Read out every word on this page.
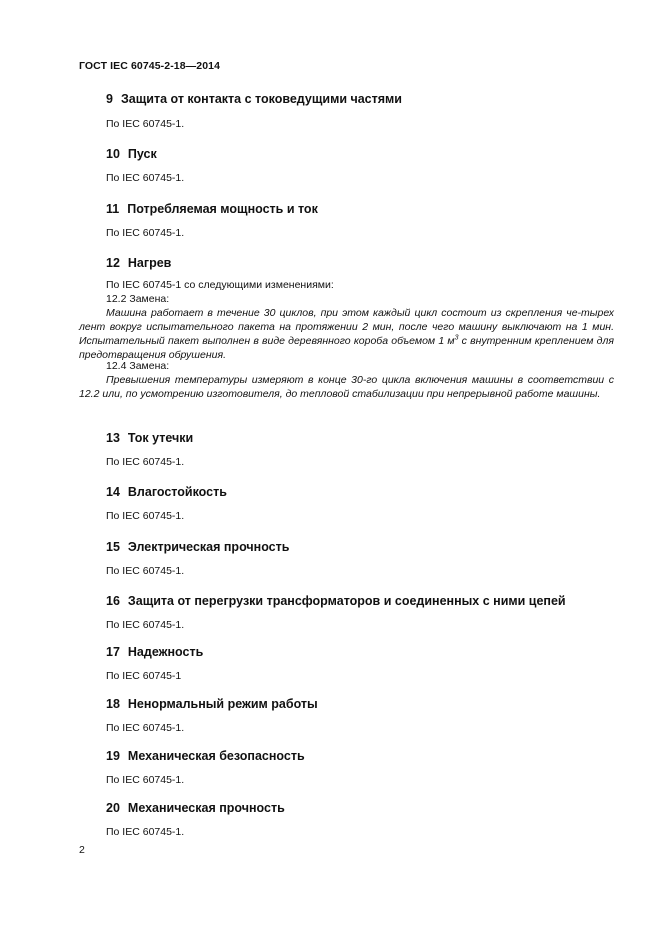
ГОСТ IEC 60745-2-18—2014
9 Защита от контакта с токоведущими частями
По IEC 60745-1.
10 Пуск
По IEC 60745-1.
11 Потребляемая мощность и ток
По IEC 60745-1.
12 Нагрев
По IEC 60745-1 со следующими изменениями:
12.2 Замена:
Машина работает в течение 30 циклов, при этом каждый цикл состоит из скрепления че-тырех лент вокруг испытательного пакета на протяжении 2 мин, после чего машину выключают на 1 мин. Испытательный пакет выполнен в виде деревянного короба объемом 1 $м^3$ с внутренним креплением для предотвращения обрушения.
12.4 Замена:
Превышения температуры измеряют в конце 30-го цикла включения машины в соответствии с 12.2 или, по усмотрению изготовителя, до тепловой стабилизации при непрерывной работе машины.
13 Ток утечки
По IEC 60745-1.
14 Влагостойкость
По IEC 60745-1.
15 Электрическая прочность
По IEC 60745-1.
16 Защита от перегрузки трансформаторов и соединенных с ними цепей
По IEC 60745-1.
17 Надежность
По IEC 60745-1
18 Ненормальный режим работы
По IEC 60745-1.
19 Механическая безопасность
По IEC 60745-1.
20 Механическая прочность
По IEC 60745-1.
2
